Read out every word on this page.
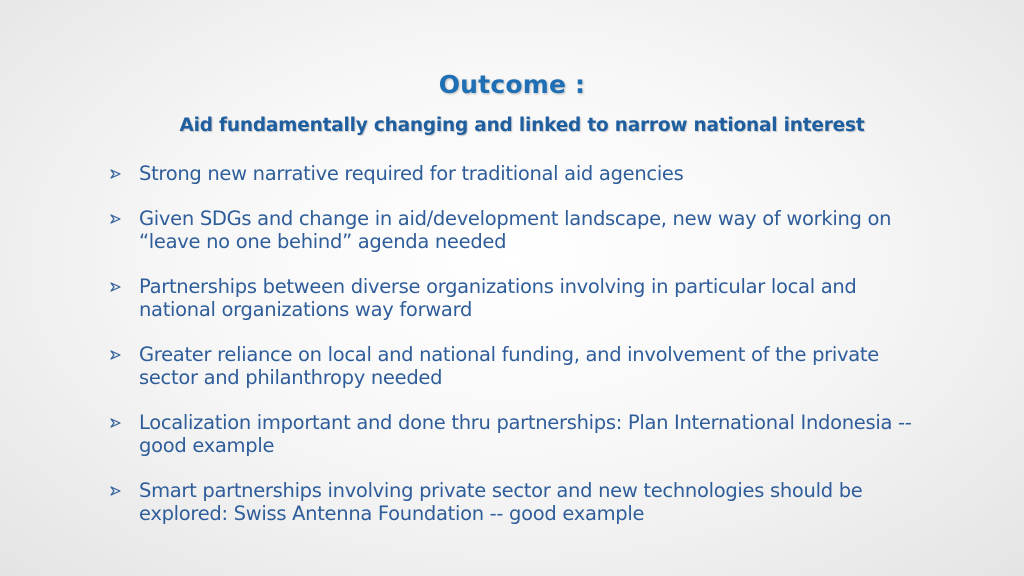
Outcome :
Aid fundamentally changing and linked to narrow national interest
Strong new narrative required for traditional aid agencies
Given SDGs and change in aid/development landscape, new way of working on “leave no one behind” agenda needed
Partnerships between diverse organizations involving in particular local and national organizations way forward
Greater reliance on local and national funding, and involvement of the private sector and philanthropy needed
Localization important and done thru partnerships: Plan International Indonesia -- good example
Smart partnerships involving private sector and new technologies should be explored: Swiss Antenna Foundation -- good example
